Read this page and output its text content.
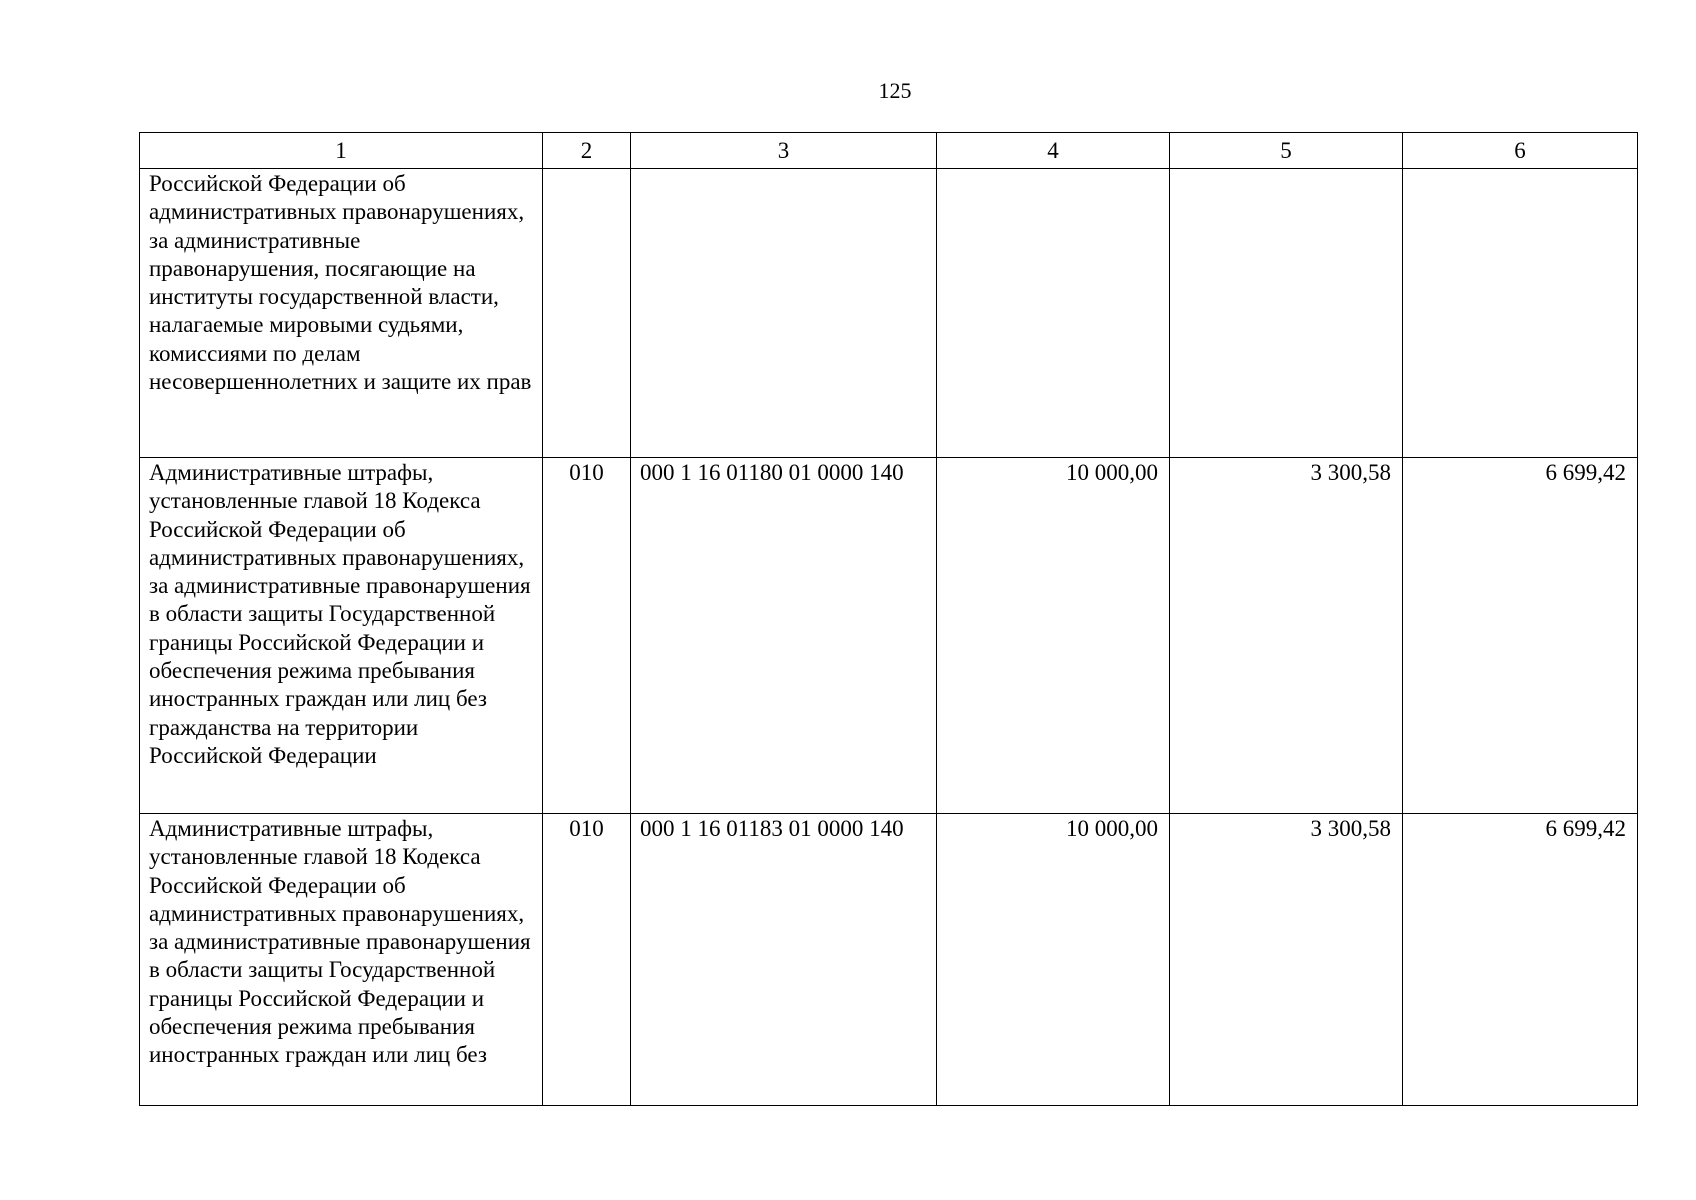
125
1	2	3	4	5	6

Российской Федерации об административных правонарушениях, за административные правонарушения, посягающие на институты государственной власти, налагаемые мировыми судьями, комиссиями по делам несовершеннолетних и защите их прав					

Административные штрафы, установленные главой 18 Кодекса Российской Федерации об административных правонарушениях, за административные правонарушения в области защиты Государственной границы Российской Федерации и обеспечения режима пребывания иностранных граждан или лиц без гражданства на территории Российской Федерации	010	000 1 16 01180 01 0000 140	10 000,00	3 300,58	6 699,42

Административные штрафы, установленные главой 18 Кодекса Российской Федерации об административных правонарушениях, за административные правонарушения в области защиты Государственной границы Российской Федерации и обеспечения режима пребывания иностранных граждан или лиц без	010	000 1 16 01183 01 0000 140	10 000,00	3 300,58	6 699,42
